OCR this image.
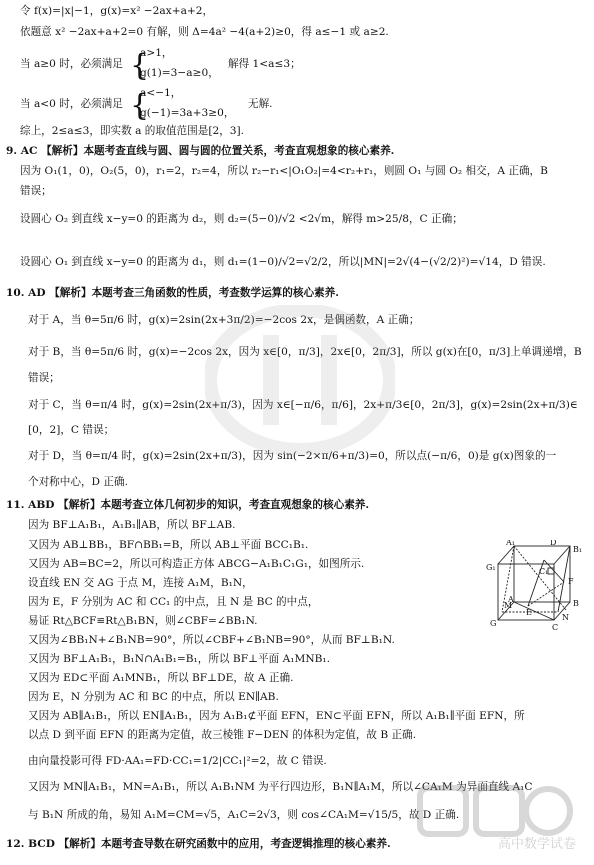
令 f(x)=|x|−1，g(x)=x² −2ax+a+2，
依题意 x² −2ax+a+2=0 有解，则 Δ=4a² −4(a+2)≥0，得 a≤−1 或 a≥2.
当 a≥0 时，必须满足
a>1，
g(1)=3−a≥0，
解得 1<a≤3；
当 a<0 时，必须满足
a<−1，
g(−1)=3a+3≥0，
无解.
综上，2≤a≤3，即实数 a 的取值范围是[2，3].
9. AC 【解析】本题考查直线与圆、圆与圆的位置关系，考查直观想象的核心素养.
因为 O₁(1，0)，O₂(5，0)，r₁=2，r₂=4，所以 r₂−r₁<|O₁O₂|=4<r₂+r₁，则圆 O₁ 与圆 O₂ 相交，A 正确，B
错误；
设圆心 O₂ 到直线 x−y=0 的距离为 d₂，则 d₂=(5−0)/√2 <2√m，解得 m>25/8，C 正确；
设圆心 O₁ 到直线 x−y=0 的距离为 d₁，则 d₁=(1−0)/√2=√2/2，所以|MN|=2√(4−(√2/2)²)=√14，D 错误.
10. AD 【解析】本题考查三角函数的性质，考查数学运算的核心素养.
对于 A，当 θ=5π/6 时，g(x)=2sin(2x+3π/2)=−2cos 2x，是偶函数，A 正确；
对于 B，当 θ=5π/6 时，g(x)=−2cos 2x，因为 x∈[0，π/3]，2x∈[0，2π/3]，所以 g(x)在[0，π/3]上单调递增，B
错误；
对于 C，当 θ=π/4 时，g(x)=2sin(2x+π/3)，因为 x∈[−π/6，π/6]，2x+π/3∈[0，2π/3]，g(x)=2sin(2x+π/3)∈
[0，2]，C 错误；
对于 D，当 θ=π/4 时，g(x)=2sin(2x+π/3)，因为 sin(−2×π/6+π/3)=0，所以点(−π/6，0)是 g(x)图象的一
个对称中心，D 正确.
11. ABD 【解析】本题考查立体几何初步的知识，考查直观想象的核心素养.
因为 BF⊥A₁B₁，A₁B₁∥AB，所以 BF⊥AB.
又因为 AB⊥BB₁，BF∩BB₁=B，所以 AB⊥平面 BCC₁B₁.
又因为 AB=BC=2，所以可构造正方体 ABCG−A₁B₁C₁G₁，如图所示.
设直线 EN 交 AG 于点 M，连接 A₁M，B₁N，
因为 E，F 分别为 AC 和 CC₁ 的中点，且 N 是 BC 的中点，
易证 Rt△BCF≌Rt△B₁BN，则∠CBF=∠BB₁N.
又因为∠BB₁N+∠B₁NB=90°，所以∠CBF+∠B₁NB=90°，从而 BF⊥B₁N.
又因为 BF⊥A₁B₁，B₁N∩A₁B₁=B₁，所以 BF⊥平面 A₁MNB₁.
又因为 ED⊂平面 A₁MNB₁，所以 BF⊥DE，故 A 正确.
因为 E，N 分别为 AC 和 BC 的中点，所以 EN∥AB.
又因为 AB∥A₁B₁，所以 EN∥A₁B₁，因为 A₁B₁⊄平面 EFN，EN⊂平面 EFN，所以 A₁B₁∥平面 EFN，所
以点 D 到平面 EFN 的距离为定值，故三棱锥 F−DEN 的体积为定值，故 B 正确.
由向量投影可得 FD·AA₁=FD·CC₁=1/2|CC₁|²=2，故 C 错误.
又因为 MN∥A₁B₁，MN=A₁B₁，所以 A₁B₁NM 为平行四边形，B₁N∥A₁M，所以∠CA₁M 为异面直线 A₁C
与 B₁N 所成的角，易知 A₁M=CM=√5，A₁C=2√3，则 cos∠CA₁M=√15/5，故 D 正确.
12. BCD 【解析】本题考查导数在研究函数中的应用，考查逻辑推理的核心素养.
{
{
A₁	D
B₁
G₁	C₁
F
M
A
E
B
N
G	C
高中数学试卷
